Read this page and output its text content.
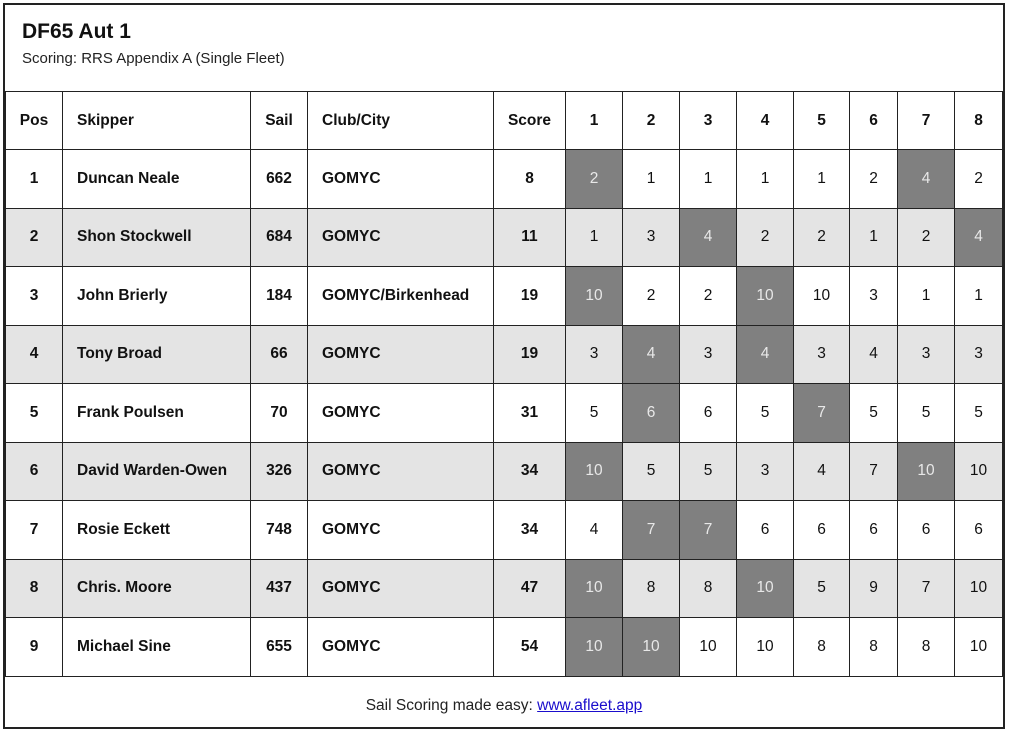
DF65 Aut 1
Scoring: RRS Appendix A (Single Fleet)
Pos	Skipper	Sail	Club/City	Score	1	2	3	4	5	6	7	8
1	Duncan Neale	662	GOMYC	8	2	1	1	1	1	2	4	2
2	Shon Stockwell	684	GOMYC	11	1	3	4	2	2	1	2	4
3	John Brierly	184	GOMYC/Birkenhead	19	10	2	2	10	10	3	1	1
4	Tony Broad	66	GOMYC	19	3	4	3	4	3	4	3	3
5	Frank Poulsen	70	GOMYC	31	5	6	6	5	7	5	5	5
6	David Warden-Owen	326	GOMYC	34	10	5	5	3	4	7	10	10
7	Rosie Eckett	748	GOMYC	34	4	7	7	6	6	6	6	6
8	Chris. Moore	437	GOMYC	47	10	8	8	10	5	9	7	10
9	Michael Sine	655	GOMYC	54	10	10	10	10	8	8	8	10
Sail Scoring made easy: www.afleet.app
